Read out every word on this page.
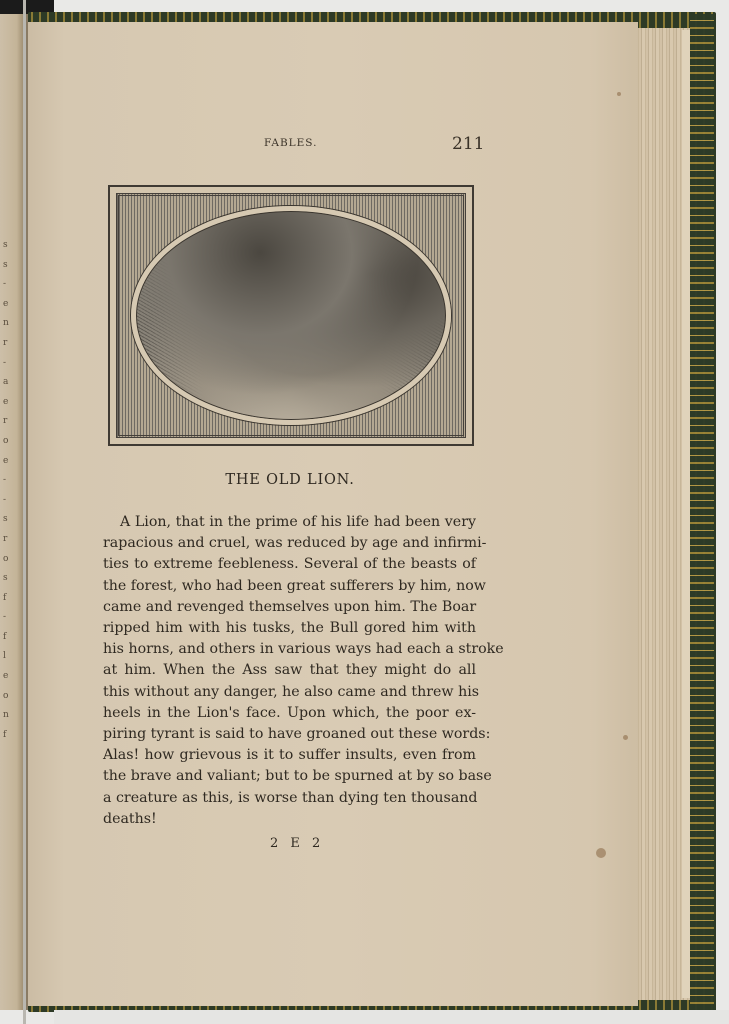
s
s
-
e
n
r
-
a
e
r
o
e
-
-
s
r
o
s
f
-
f
l
e
o
n
f
FABLES.	211
THE OLD LION.
A Lion, that in the prime of his life had been very
rapacious and cruel, was reduced by age and infirmi-
ties to extreme feebleness. Several of the beasts of
the forest, who had been great sufferers by him, now
came and revenged themselves upon him. The Boar
ripped him with his tusks, the Bull gored him with
his horns, and others in various ways had each a stroke
at him. When the Ass saw that they might do all
this without any danger, he also came and threw his
heels in the Lion's face. Upon which, the poor ex-
piring tyrant is said to have groaned out these words:
Alas! how grievous is it to suffer insults, even from
the brave and valiant; but to be spurned at by so base
a creature as this, is worse than dying ten thousand
deaths!
2 E 2
